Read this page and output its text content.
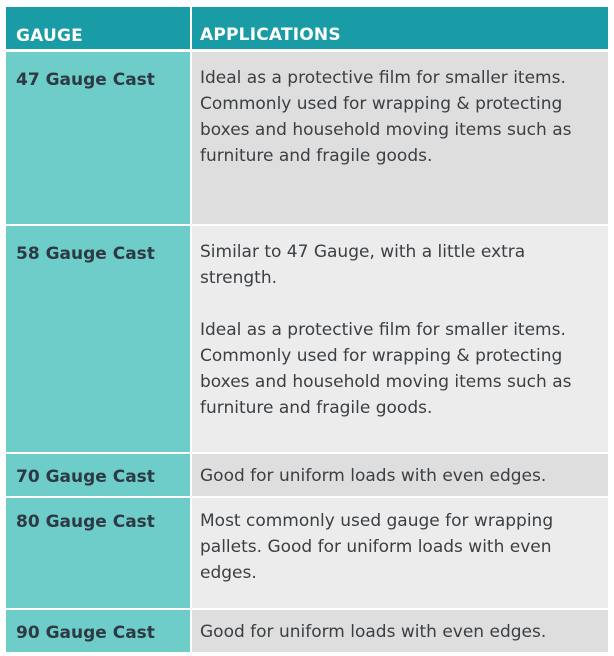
GAUGE	APPLICATIONS
47 Gauge Cast	Ideal as a protective film for smaller items. Commonly used for wrapping & protecting boxes and household moving items such as furniture and fragile goods.

58 Gauge Cast	Similar to 47 Gauge, with a little extra strength.

Ideal as a protective film for smaller items. Commonly used for wrapping & protecting boxes and household moving items such as furniture and fragile goods.

70 Gauge Cast	Good for uniform loads with even edges.

80 Gauge Cast	Most commonly used gauge for wrapping pallets. Good for uniform loads with even edges.

90 Gauge Cast	Good for uniform loads with even edges.
